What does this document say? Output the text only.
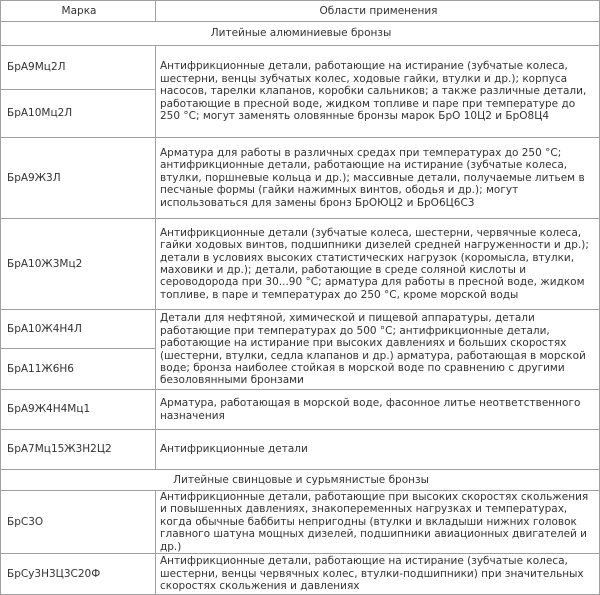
Марка	Области применения
Литейные алюминиевые бронзы	
БрА9Мц2Л	Антифрикционные детали, работающие на истирание (зубчатые колеса, шестерни, венцы зубчатых колес, ходовые гайки, втулки и др.); корпуса насосов, тарелки клапанов, коробки сальников; а также различные детали, работающие в пресной воде, жидком топливе и паре при температуре до 250 °С; могут заменять оловянные бронзы марок БрО 10Ц2 и БрО8Ц4
БрА10Мц2Л	
БрА9Ж3Л	Арматура для работы в различных средах при температурах до 250 °С; антифрикционные детали, работающие на истирание (зубчатые колеса, втулки, поршневые кольца и др.); массивные детали, получаемые литьем в песчаные формы (гайки нажимных винтов, ободья и др.); могут использоваться для замены бронз БрОЮЦ2 и БрО6Ц6С3
БрА10Ж3Мц2	Антифрикционные детали (зубчатые колеса, шестерни, червячные колеса, гайки ходовых винтов, подшипники дизелей средней нагруженности и др.); детали в условиях высоких статистических нагрузок (коромысла, втулки, маховики и др.); детали, работающие в среде соляной кислоты и сероводорода при 30...90 °С; арматура для работы в пресной воде, жидком топливе, в паре и температурах до 250 °С, кроме морской воды
БрА10Ж4Н4Л	Детали для нефтяной, химической и пищевой аппаратуры, детали работающие при температурах до 500 °С; антифрикционные детали, работающие на истирание при высоких давлениях и больших скоростях (шестерни, втулки, седла клапанов и др.) арматура, работающая в морской воде; бронза наиболее стойкая в морской воде по сравнению с другими безоловянными бронзами
БрА11Ж6Н6	
БрА9Ж4Н4Мц1	Арматура, работающая в морской воде, фасонное литье неответственного назначения
БрА7Мц15Ж3Н2Ц2	Антифрикционные детали
Литейные свинцовые и сурьмянистые бронзы	
БрС3О	Антифрикционные детали, работающие при высоких скоростях скольжения и повышенных давлениях, знакопеременных нагрузках и температурах, когда обычные баббиты непригодны (втулки и вкладыши нижних головок главного шатуна мощных дизелей, подшипники авиационных двигателей и др.)
БрСу3Н3Ц3С20Ф	Антифрикционные детали, работающие на истирание (зубчатые колеса, шестерни, венцы червячных колес, втулки-подшипники) при значительных скоростях скольжения и давлениях
